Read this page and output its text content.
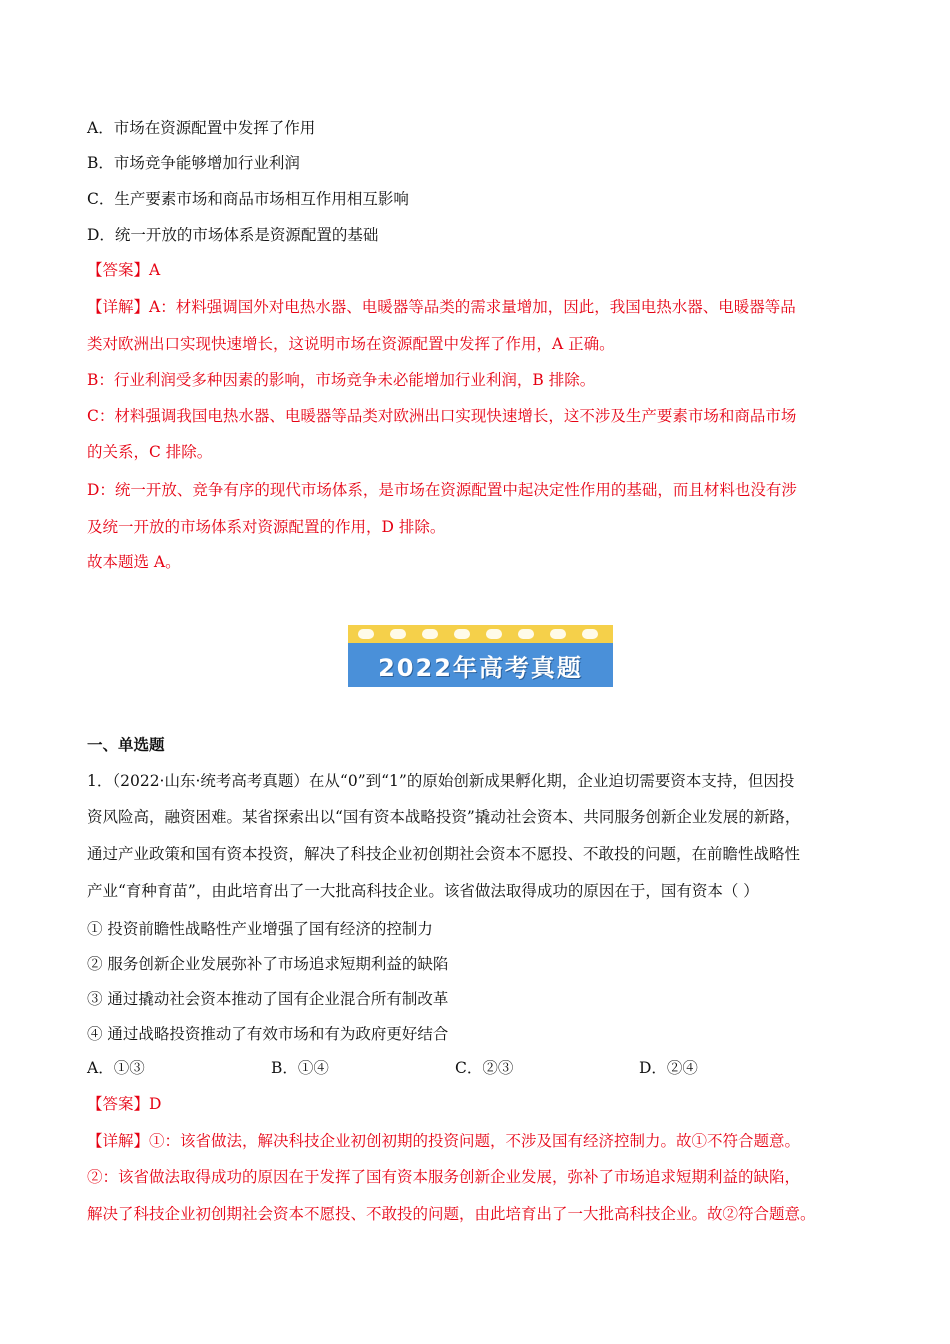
A．市场在资源配置中发挥了作用
B．市场竞争能够增加行业利润
C．生产要素市场和商品市场相互作用相互影响
D．统一开放的市场体系是资源配置的基础
【答案】A
【详解】A：材料强调国外对电热水器、电暖器等品类的需求量增加，因此，我国电热水器、电暖器等品
类对欧洲出口实现快速增长，这说明市场在资源配置中发挥了作用，A 正确。
B：行业利润受多种因素的影响，市场竞争未必能增加行业利润，B 排除。
C：材料强调我国电热水器、电暖器等品类对欧洲出口实现快速增长，这不涉及生产要素市场和商品市场
的关系，C 排除。
D：统一开放、竞争有序的现代市场体系，是市场在资源配置中起决定性作用的基础，而且材料也没有涉
及统一开放的市场体系对资源配置的作用，D 排除。
故本题选 A。
2022年高考真题
一、单选题
1．（2022·山东·统考高考真题）在从“0”到“1”的原始创新成果孵化期，企业迫切需要资本支持，但因投
资风险高，融资困难。某省探索出以“国有资本战略投资”撬动社会资本、共同服务创新企业发展的新路，
通过产业政策和国有资本投资，解决了科技企业初创期社会资本不愿投、不敢投的问题，在前瞻性战略性
产业“育种育苗”，由此培育出了一大批高科技企业。该省做法取得成功的原因在于，国有资本（ ）
① 投资前瞻性战略性产业增强了国有经济的控制力
② 服务创新企业发展弥补了市场追求短期利益的缺陷
③ 通过撬动社会资本推动了国有企业混合所有制改革
④ 通过战略投资推动了有效市场和有为政府更好结合
A．①③	B．①④	C．②③	D．②④
【答案】D
【详解】①：该省做法，解决科技企业初创初期的投资问题，不涉及国有经济控制力。故①不符合题意。
②：该省做法取得成功的原因在于发挥了国有资本服务创新企业发展，弥补了市场追求短期利益的缺陷，
解决了科技企业初创期社会资本不愿投、不敢投的问题，由此培育出了一大批高科技企业。故②符合题意。
